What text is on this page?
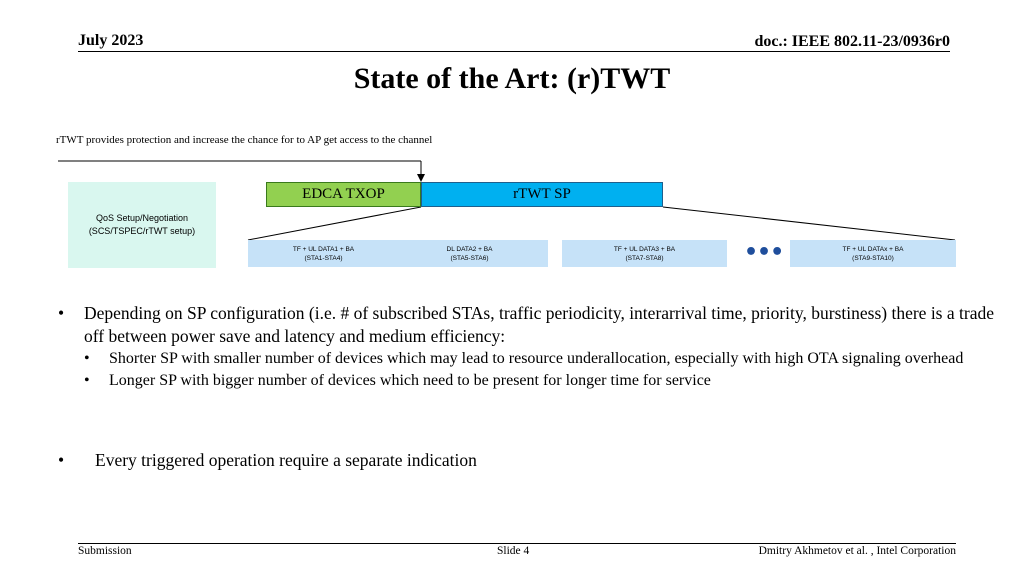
July 2023	doc.: IEEE 802.11-23/0936r0
State of the Art: (r)TWT
rTWT provides protection and increase the chance for to AP get access to the channel
QoS Setup/Negotiation
(SCS/TSPEC/rTWT setup)
EDCA TXOP	rTWT SP
TF + UL DATA1 + BA
(STA1-STA4)
DL DATA2 + BA
(STA5-STA6)
TF + UL DATA3 + BA
(STA7-STA8)	•••	TF + UL DATAx + BA
(STA9-STA10)
• Depending on SP configuration (i.e. # of subscribed STAs, traffic periodicity, interarrival time, priority, burstiness) there is a trade off between power save and latency and medium efficiency:
• Shorter SP with smaller number of devices which may lead to resource underallocation, especially with high OTA signaling overhead
• Longer SP with bigger number of devices which need to be present for longer time for service
• Every triggered operation require a separate indication
Submission	Slide 4	Dmitry Akhmetov et al. , Intel Corporation
